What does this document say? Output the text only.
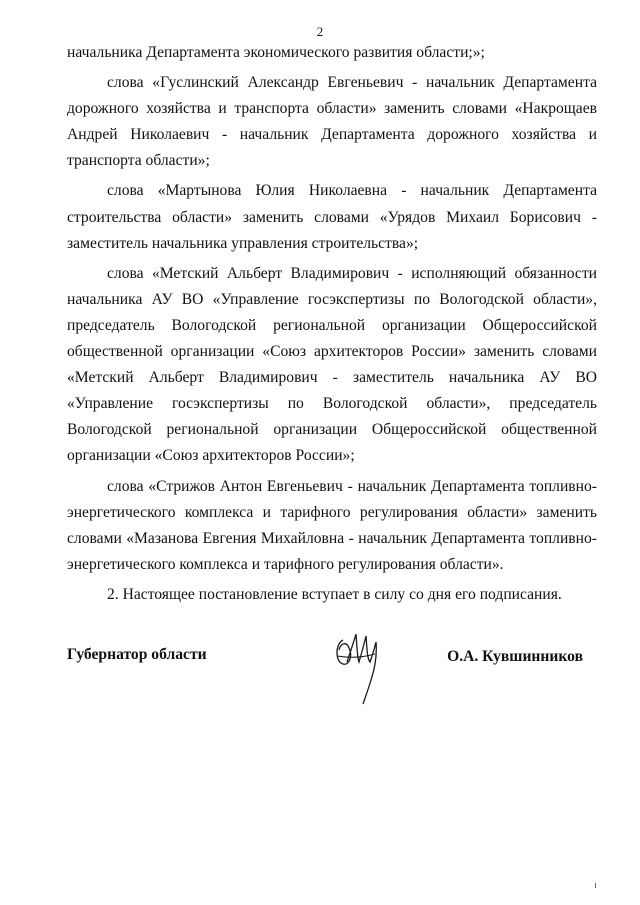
2

начальника Департамента экономического развития области;»;

слова «Гуслинский Александр Евгеньевич - начальник Департамента дорожного хозяйства и транспорта области» заменить словами «Накрощаев Андрей Николаевич - начальник Департамента дорожного хозяйства и транспорта области»;

слова «Мартынова Юлия Николаевна - начальник Департамента строительства области» заменить словами «Урядов Михаил Борисович - заместитель начальника управления строительства»;

слова «Метский Альберт Владимирович - исполняющий обязанности начальника АУ ВО «Управление госэкспертизы по Вологодской области», председатель Вологодской региональной организации Общероссийской общественной организации «Союз архитекторов России» заменить словами «Метский Альберт Владимирович - заместитель начальника АУ ВО «Управление госэкспертизы по Вологодской области», председатель Вологодской региональной организации Общероссийской общественной организации «Союз архитекторов России»;

слова «Стрижов Антон Евгеньевич - начальник Департамента топливно-энергетического комплекса и тарифного регулирования области» заменить словами «Мазанова Евгения Михайловна - начальник Департамента топливно-энергетического комплекса и тарифного регулирования области».

2. Настоящее постановление вступает в силу со дня его подписания.

Губернатор области	О.А. Кувшинников
